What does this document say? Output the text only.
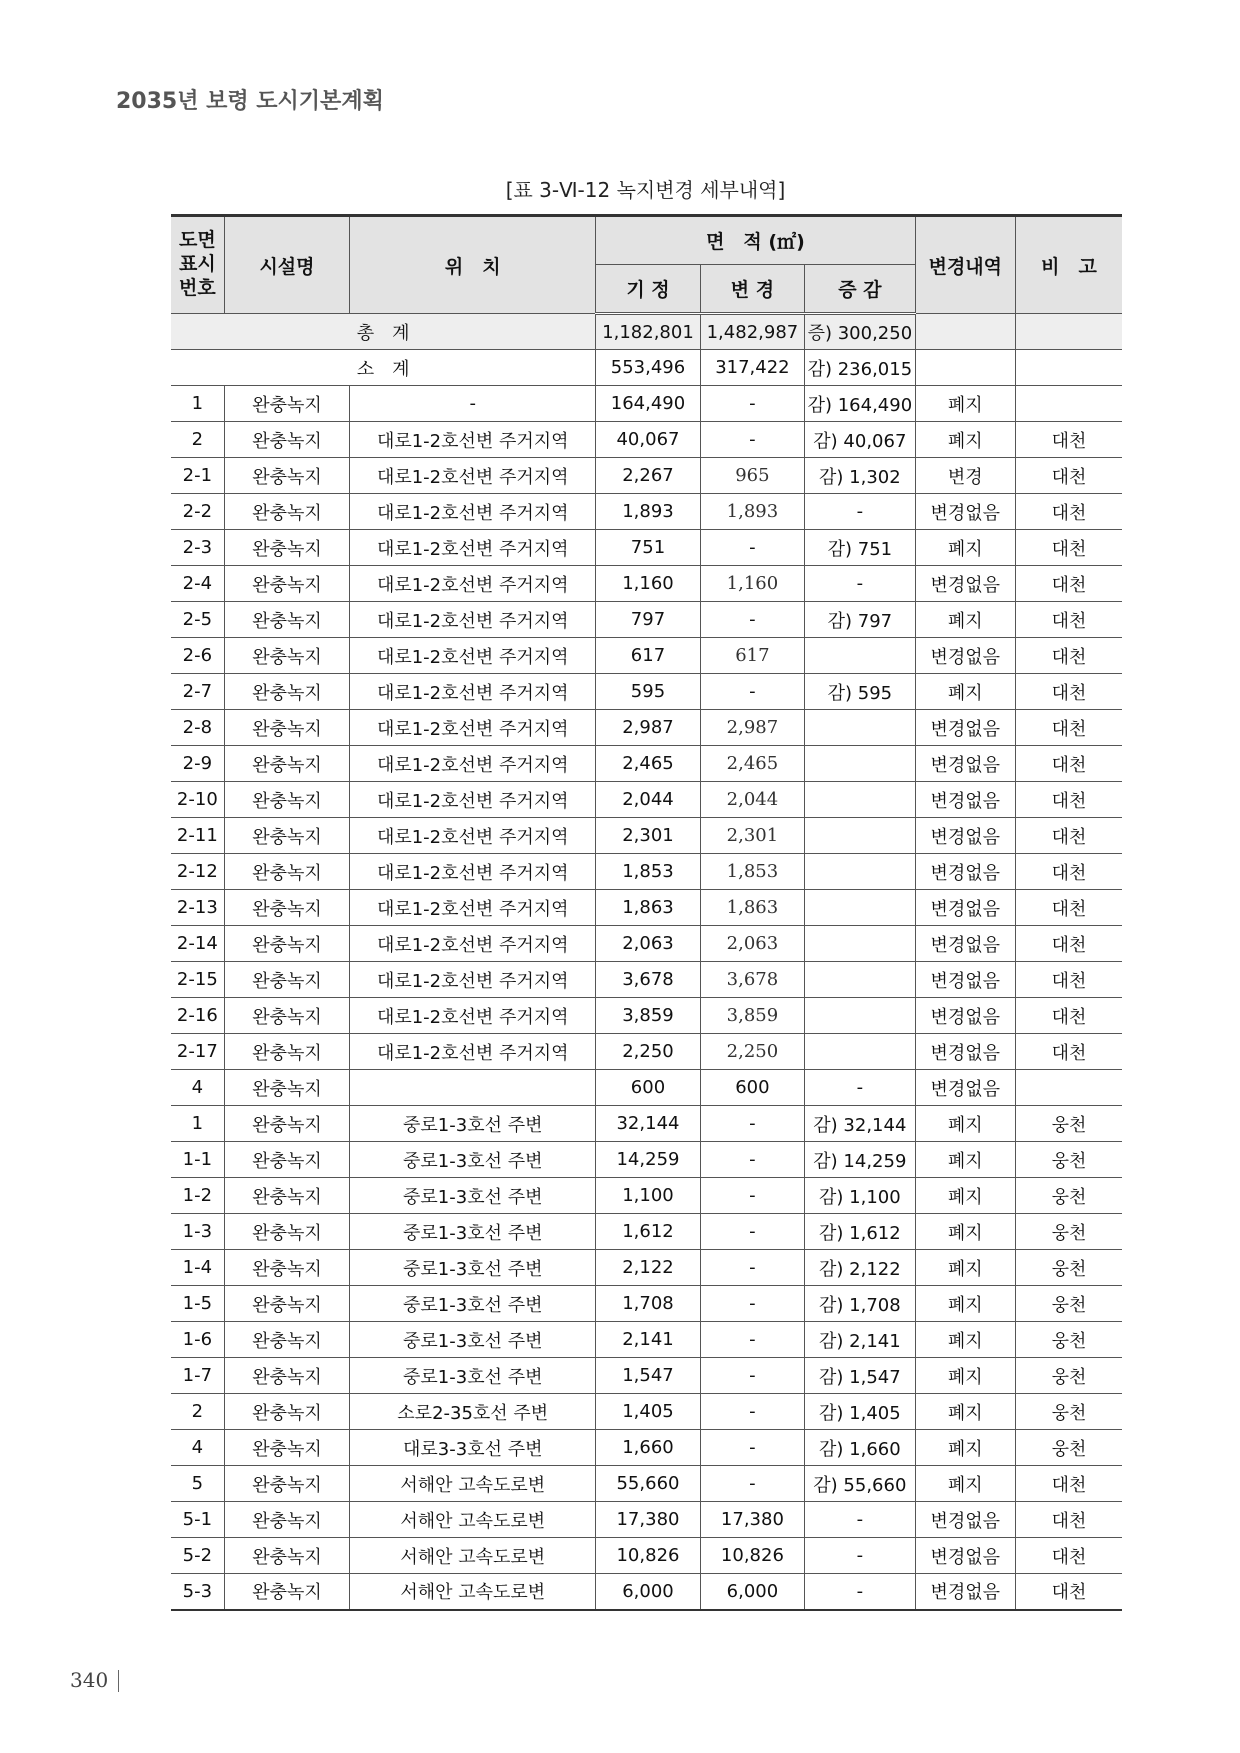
2035년 보령 도시기본계획
[표 3-Ⅵ-12 녹지변경 세부내역]
도면
표시
번호	시설명	위　치	면　적 (㎡)			변경내역	비　고
			기 정	변 경	증 감		
총　계			1,182,801	1,482,987	증) 300,250		
소　계			553,496	317,422	감) 236,015		
1	완충녹지	-	164,490	-	감) 164,490	폐지	
2	완충녹지	대로1-2호선변 주거지역	40,067	-	감) 40,067	폐지	대천
2-1	완충녹지	대로1-2호선변 주거지역	2,267	965	감) 1,302	변경	대천
2-2	완충녹지	대로1-2호선변 주거지역	1,893	1,893	-	변경없음	대천
2-3	완충녹지	대로1-2호선변 주거지역	751	-	감) 751	폐지	대천
2-4	완충녹지	대로1-2호선변 주거지역	1,160	1,160	-	변경없음	대천
2-5	완충녹지	대로1-2호선변 주거지역	797	-	감) 797	폐지	대천
2-6	완충녹지	대로1-2호선변 주거지역	617	617		변경없음	대천
2-7	완충녹지	대로1-2호선변 주거지역	595	-	감) 595	폐지	대천
2-8	완충녹지	대로1-2호선변 주거지역	2,987	2,987		변경없음	대천
2-9	완충녹지	대로1-2호선변 주거지역	2,465	2,465		변경없음	대천
2-10	완충녹지	대로1-2호선변 주거지역	2,044	2,044		변경없음	대천
2-11	완충녹지	대로1-2호선변 주거지역	2,301	2,301		변경없음	대천
2-12	완충녹지	대로1-2호선변 주거지역	1,853	1,853		변경없음	대천
2-13	완충녹지	대로1-2호선변 주거지역	1,863	1,863		변경없음	대천
2-14	완충녹지	대로1-2호선변 주거지역	2,063	2,063		변경없음	대천
2-15	완충녹지	대로1-2호선변 주거지역	3,678	3,678		변경없음	대천
2-16	완충녹지	대로1-2호선변 주거지역	3,859	3,859		변경없음	대천
2-17	완충녹지	대로1-2호선변 주거지역	2,250	2,250		변경없음	대천
4	완충녹지		600	600	-	변경없음	
1	완충녹지	중로1-3호선 주변	32,144	-	감) 32,144	폐지	웅천
1-1	완충녹지	중로1-3호선 주변	14,259	-	감) 14,259	폐지	웅천
1-2	완충녹지	중로1-3호선 주변	1,100	-	감) 1,100	폐지	웅천
1-3	완충녹지	중로1-3호선 주변	1,612	-	감) 1,612	폐지	웅천
1-4	완충녹지	중로1-3호선 주변	2,122	-	감) 2,122	폐지	웅천
1-5	완충녹지	중로1-3호선 주변	1,708	-	감) 1,708	폐지	웅천
1-6	완충녹지	중로1-3호선 주변	2,141	-	감) 2,141	폐지	웅천
1-7	완충녹지	중로1-3호선 주변	1,547	-	감) 1,547	폐지	웅천
2	완충녹지	소로2-35호선 주변	1,405	-	감) 1,405	폐지	웅천
4	완충녹지	대로3-3호선 주변	1,660	-	감) 1,660	폐지	웅천
5	완충녹지	서해안 고속도로변	55,660	-	감) 55,660	폐지	대천
5-1	완충녹지	서해안 고속도로변	17,380	17,380	-	변경없음	대천
5-2	완충녹지	서해안 고속도로변	10,826	10,826	-	변경없음	대천
5-3	완충녹지	서해안 고속도로변	6,000	6,000	-	변경없음	대천
340
